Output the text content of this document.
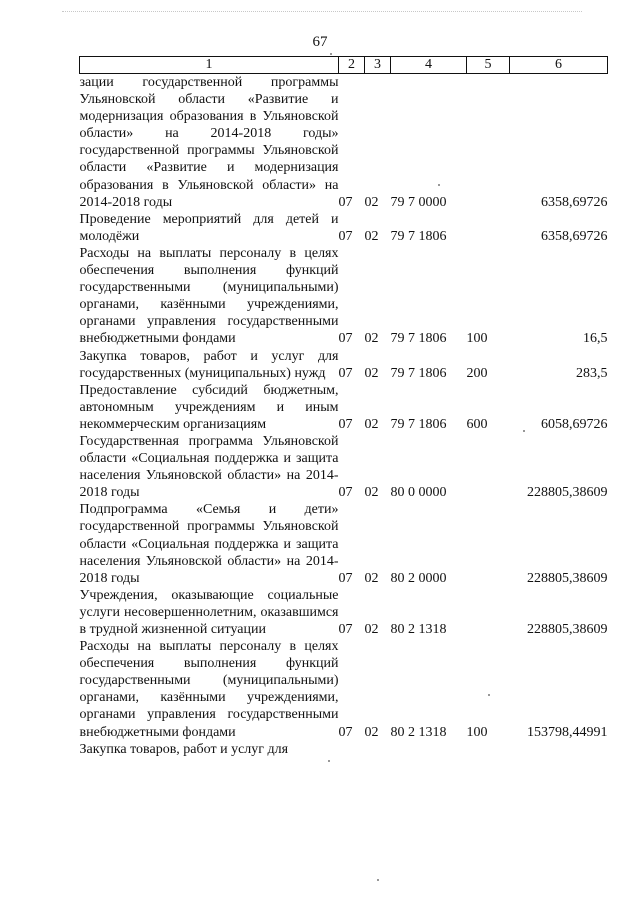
67
1	2	3	4	5	6
зации государственной программы Ульяновской области «Развитие и модернизация образования в Ульяновской области» на 2014-2018 годы» государственной программы Ульяновской области «Развитие и модернизация образования в Ульяновской области» на 2014-2018 годы	07	02	79 7 0000		6358,69726
Проведение мероприятий для детей и молодёжи	07	02	79 7 1806		6358,69726
Расходы на выплаты персоналу в целях обеспечения выполнения функций государственными (муниципальными) органами, казёнными учреждениями, органами управления государственными внебюджетными фондами	07	02	79 7 1806	100	16,5
Закупка товаров, работ и услуг для государственных (муниципальных) нужд	07	02	79 7 1806	200	283,5
Предоставление субсидий бюджетным, автономным учреждениям и иным некоммерческим организациям	07	02	79 7 1806	600	6058,69726
Государственная программа Ульяновской области «Социальная поддержка и защита населения Ульяновской области» на 2014-2018 годы	07	02	80 0 0000		228805,38609
Подпрограмма «Семья и дети» государственной программы Ульяновской области «Социальная поддержка и защита населения Ульяновской области» на 2014-2018 годы	07	02	80 2 0000		228805,38609
Учреждения, оказывающие социальные услуги несовершеннолетним, оказавшимся в трудной жизненной ситуации	07	02	80 2 1318		228805,38609
Расходы на выплаты персоналу в целях обеспечения выполнения функций государственными (муниципальными) органами, казёнными учреждениями, органами управления государственными внебюджетными фондами	07	02	80 2 1318	100	153798,44991
Закупка товаров, работ и услуг для					
